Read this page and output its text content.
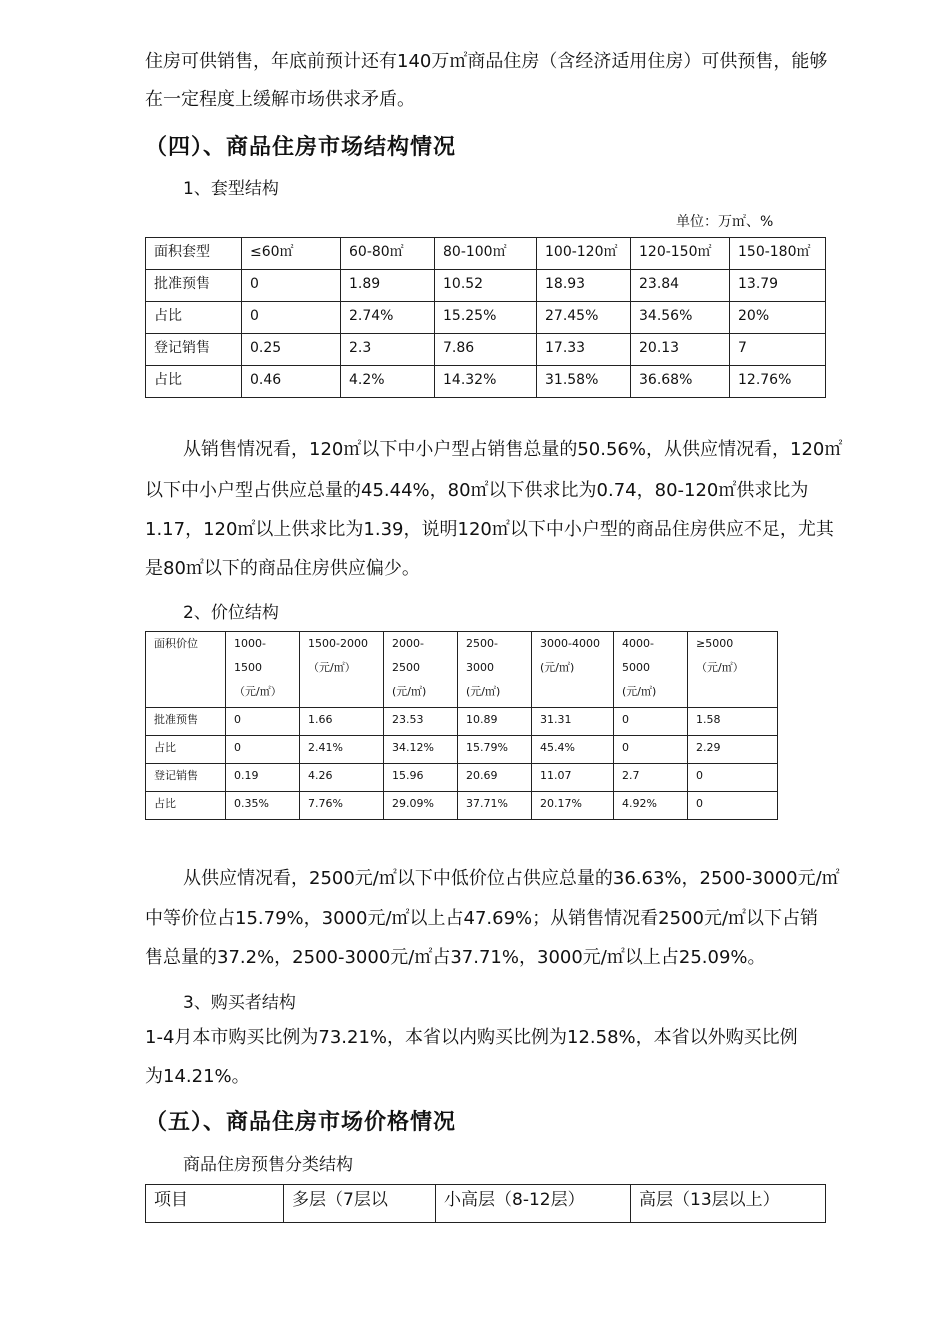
住房可供销售，年底前预计还有140万㎡商品住房（含经济适用住房）可供预售，能够
在一定程度上缓解市场供求矛盾。
（四）、商品住房市场结构情况
1、套型结构
单位：万㎡、%
面积套型	≤60㎡	60-80㎡	80-100㎡	100-120㎡	120-150㎡	150-180㎡
批准预售	0	1.89	10.52	18.93	23.84	13.79
占比	0	2.74%	15.25%	27.45%	34.56%	20%
登记销售	0.25	2.3	7.86	17.33	20.13	7
占比	0.46	4.2%	14.32%	31.58%	36.68%	12.76%
从销售情况看，120㎡以下中小户型占销售总量的50.56%，从供应情况看，120㎡
以下中小户型占供应总量的45.44%，80㎡以下供求比为0.74，80-120㎡供求比为
1.17，120㎡以上供求比为1.39，说明120㎡以下中小户型的商品住房供应不足，尤其
是80㎡以下的商品住房供应偏少。
2、价位结构
面积价位	1000-
1500
（元/㎡）	1500-2000
（元/㎡）	2000-
2500
(元/㎡)	2500-
3000
(元/㎡)	3000-4000
(元/㎡)	4000-
5000
(元/㎡)	≥5000
（元/㎡）

批准预售	0	1.66	23.53	10.89	31.31	0	1.58
占比	0	2.41%	34.12%	15.79%	45.4%	0	2.29
登记销售	0.19	4.26	15.96	20.69	11.07	2.7	0
占比	0.35%	7.76%	29.09%	37.71%	20.17%	4.92%	0
从供应情况看，2500元/㎡以下中低价位占供应总量的36.63%，2500-3000元/㎡
中等价位占15.79%，3000元/㎡以上占47.69%；从销售情况看2500元/㎡以下占销
售总量的37.2%，2500-3000元/㎡占37.71%，3000元/㎡以上占25.09%。
3、购买者结构
1-4月本市购买比例为73.21%，本省以内购买比例为12.58%，本省以外购买比例
为14.21%。
（五）、商品住房市场价格情况
商品住房预售分类结构
项目	多层（7层以	小高层（8-12层）	高层（13层以上）
